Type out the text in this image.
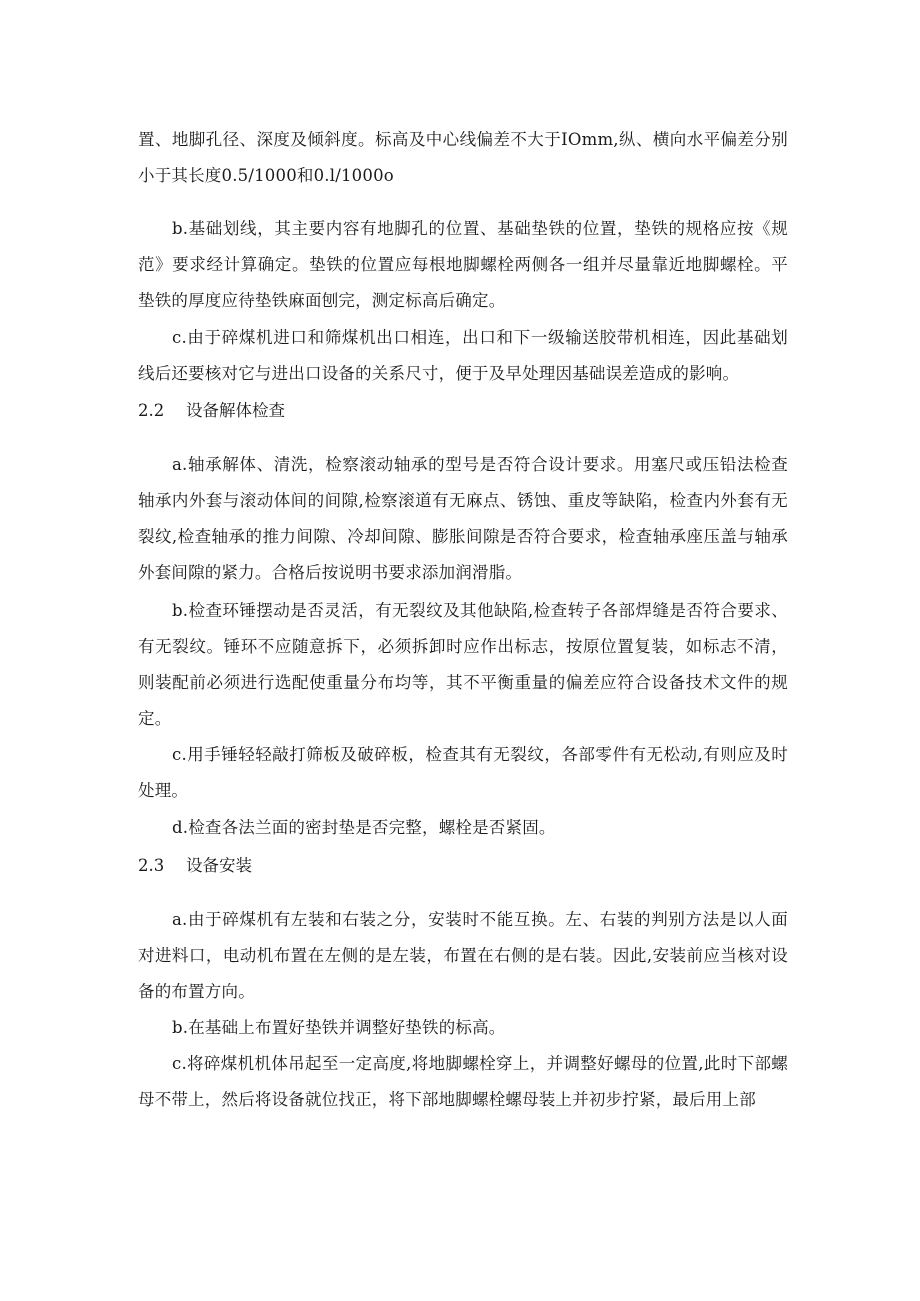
置、地脚孔径、深度及倾斜度。标高及中心线偏差不大于IOmm,纵、横向水平偏差分别小于其长度0.5/1000和0.l/1000o

b.基础划线，其主要内容有地脚孔的位置、基础垫铁的位置，垫铁的规格应按《规范》要求经计算确定。垫铁的位置应每根地脚螺栓两侧各一组并尽量靠近地脚螺栓。平垫铁的厚度应待垫铁麻面刨完，测定标高后确定。

c.由于碎煤机进口和筛煤机出口相连，出口和下一级输送胶带机相连，因此基础划线后还要核对它与进出口设备的关系尺寸，便于及早处理因基础误差造成的影响。

2.2 设备解体检查

a.轴承解体、清洗，检察滚动轴承的型号是否符合设计要求。用塞尺或压铅法检查轴承内外套与滚动体间的间隙,检察滚道有无麻点、锈蚀、重皮等缺陷，检查内外套有无裂纹,检查轴承的推力间隙、冷却间隙、膨胀间隙是否符合要求，检查轴承座压盖与轴承外套间隙的紧力。合格后按说明书要求添加润滑脂。

b.检查环锤摆动是否灵活，有无裂纹及其他缺陷,检查转子各部焊缝是否符合要求、有无裂纹。锤环不应随意拆下，必须拆卸时应作出标志，按原位置复装，如标志不清，则装配前必须进行选配使重量分布均等，其不平衡重量的偏差应符合设备技术文件的规定。

c.用手锤轻轻敲打筛板及破碎板，检查其有无裂纹，各部零件有无松动,有则应及时处理。

d.检查各法兰面的密封垫是否完整，螺栓是否紧固。

2.3 设备安装

a.由于碎煤机有左装和右装之分，安装时不能互换。左、右装的判别方法是以人面对进料口，电动机布置在左侧的是左装，布置在右侧的是右装。因此,安装前应当核对设备的布置方向。

b.在基础上布置好垫铁并调整好垫铁的标高。

c.将碎煤机机体吊起至一定高度,将地脚螺栓穿上，并调整好螺母的位置,此时下部螺母不带上，然后将设备就位找正，将下部地脚螺栓螺母装上并初步拧紧，最后用上部
